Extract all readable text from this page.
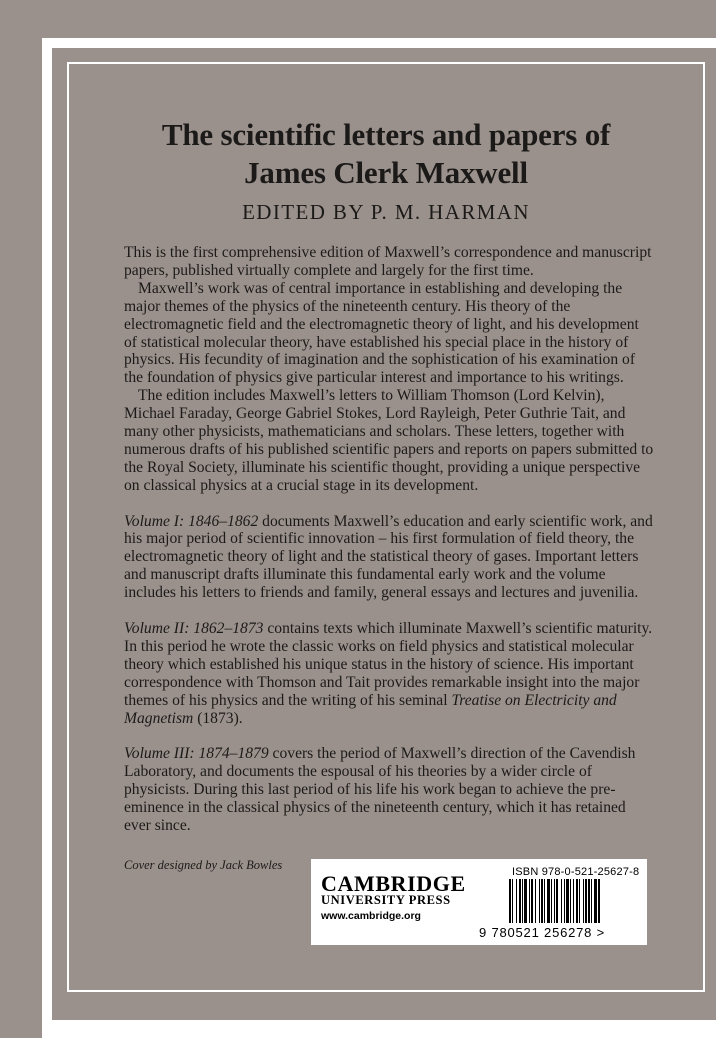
The scientific letters and papers of
James Clerk Maxwell
EDITED BY P. M. HARMAN

This is the first comprehensive edition of Maxwell’s correspondence and manuscript papers, published virtually complete and largely for the first time.

Maxwell’s work was of central importance in establishing and developing the major themes of the physics of the nineteenth century. His theory of the electromagnetic field and the electromagnetic theory of light, and his development of statistical molecular theory, have established his special place in the history of physics. His fecundity of imagination and the sophistication of his examination of the foundation of physics give particular interest and importance to his writings.

The edition includes Maxwell’s letters to William Thomson (Lord Kelvin), Michael Faraday, George Gabriel Stokes, Lord Rayleigh, Peter Guthrie Tait, and many other physicists, mathematicians and scholars. These letters, together with numerous drafts of his published scientific papers and reports on papers submitted to the Royal Society, illuminate his scientific thought, providing a unique perspective on classical physics at a crucial stage in its development.

Volume I: 1846–1862 documents Maxwell’s education and early scientific work, and his major period of scientific innovation – his first formulation of field theory, the electromagnetic theory of light and the statistical theory of gases. Important letters and manuscript drafts illuminate this fundamental early work and the volume includes his letters to friends and family, general essays and lectures and juvenilia.

Volume II: 1862–1873 contains texts which illuminate Maxwell’s scientific maturity. In this period he wrote the classic works on field physics and statistical molecular theory which established his unique status in the history of science. His important correspondence with Thomson and Tait provides remarkable insight into the major themes of his physics and the writing of his seminal Treatise on Electricity and Magnetism (1873).

Volume III: 1874–1879 covers the period of Maxwell’s direction of the Cavendish Laboratory, and documents the espousal of his theories by a wider circle of physicists. During this last period of his life his work began to achieve the pre-eminence in the classical physics of the nineteenth century, which it has retained ever since.

Cover designed by Jack Bowles
CAMBRIDGE
UNIVERSITY PRESS
www.cambridge.org
ISBN 978-0-521-25627-8
9 780521 256278 >
